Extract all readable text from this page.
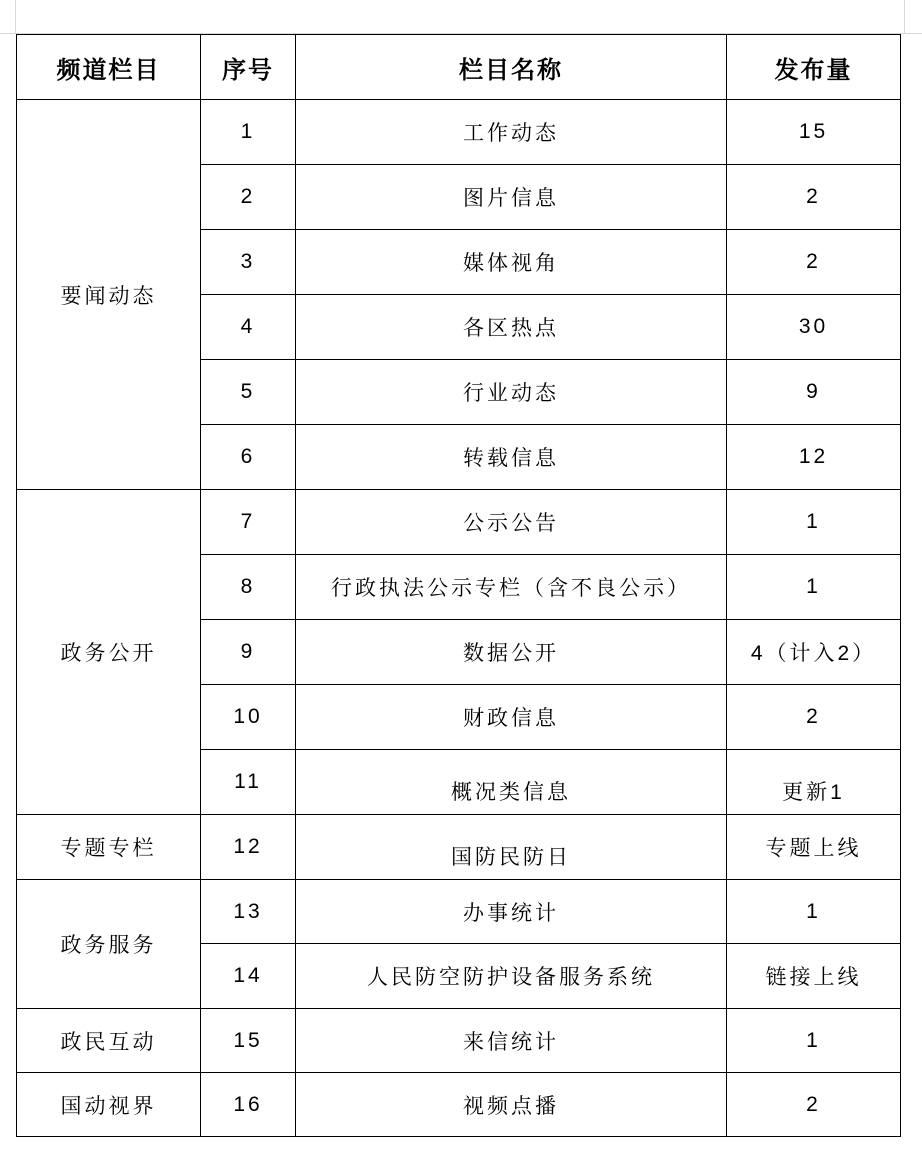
频道栏目	序号	栏目名称	发布量
要闻动态	1	工作动态	15
	2	图片信息	2
	3	媒体视角	2
	4	各区热点	30
	5	行业动态	9
	6	转载信息	12
政务公开	7	公示公告	1
	8	行政执法公示专栏（含不良公示）	1
	9	数据公开	4（计入2）
	10	财政信息	2
	11	概况类信息	更新1
专题专栏	12	国防民防日	专题上线
政务服务	13	办事统计	1
	14	人民防空防护设备服务系统	链接上线
政民互动	15	来信统计	1
国动视界	16	视频点播	2
